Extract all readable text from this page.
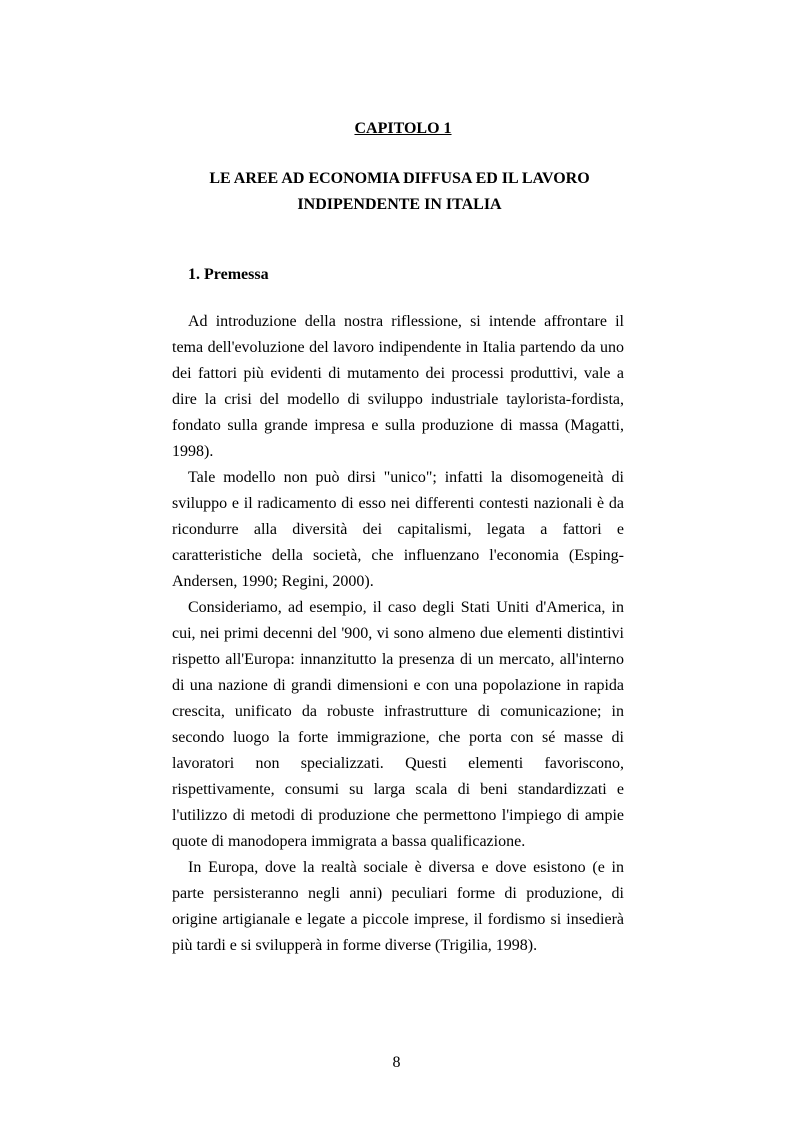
CAPITOLO 1
LE AREE AD ECONOMIA DIFFUSA ED IL LAVORO
INDIPENDENTE IN ITALIA
1. Premessa

Ad introduzione della nostra riflessione, si intende affrontare il tema dell'evoluzione del lavoro indipendente in Italia partendo da uno dei fattori più evidenti di mutamento dei processi produttivi, vale a dire la crisi del modello di sviluppo industriale taylorista-fordista, fondato sulla grande impresa e sulla produzione di massa (Magatti, 1998).

Tale modello non può dirsi "unico"; infatti la disomogeneità di sviluppo e il radicamento di esso nei differenti contesti nazionali è da ricondurre alla diversità dei capitalismi, legata a fattori e caratteristiche della società, che influenzano l'economia (Esping-Andersen, 1990; Regini, 2000).

Consideriamo, ad esempio, il caso degli Stati Uniti d'America, in cui, nei primi decenni del '900, vi sono almeno due elementi distintivi rispetto all'Europa: innanzitutto la presenza di un mercato, all'interno di una nazione di grandi dimensioni e con una popolazione in rapida crescita, unificato da robuste infrastrutture di comunicazione; in secondo luogo la forte immigrazione, che porta con sé masse di lavoratori non specializzati. Questi elementi favoriscono, rispettivamente, consumi su larga scala di beni standardizzati e l'utilizzo di metodi di produzione che permettono l'impiego di ampie quote di manodopera immigrata a bassa qualificazione.

In Europa, dove la realtà sociale è diversa e dove esistono (e in parte persisteranno negli anni) peculiari forme di produzione, di origine artigianale e legate a piccole imprese, il fordismo si insedierà più tardi e si svilupperà in forme diverse (Trigilia, 1998).

8
